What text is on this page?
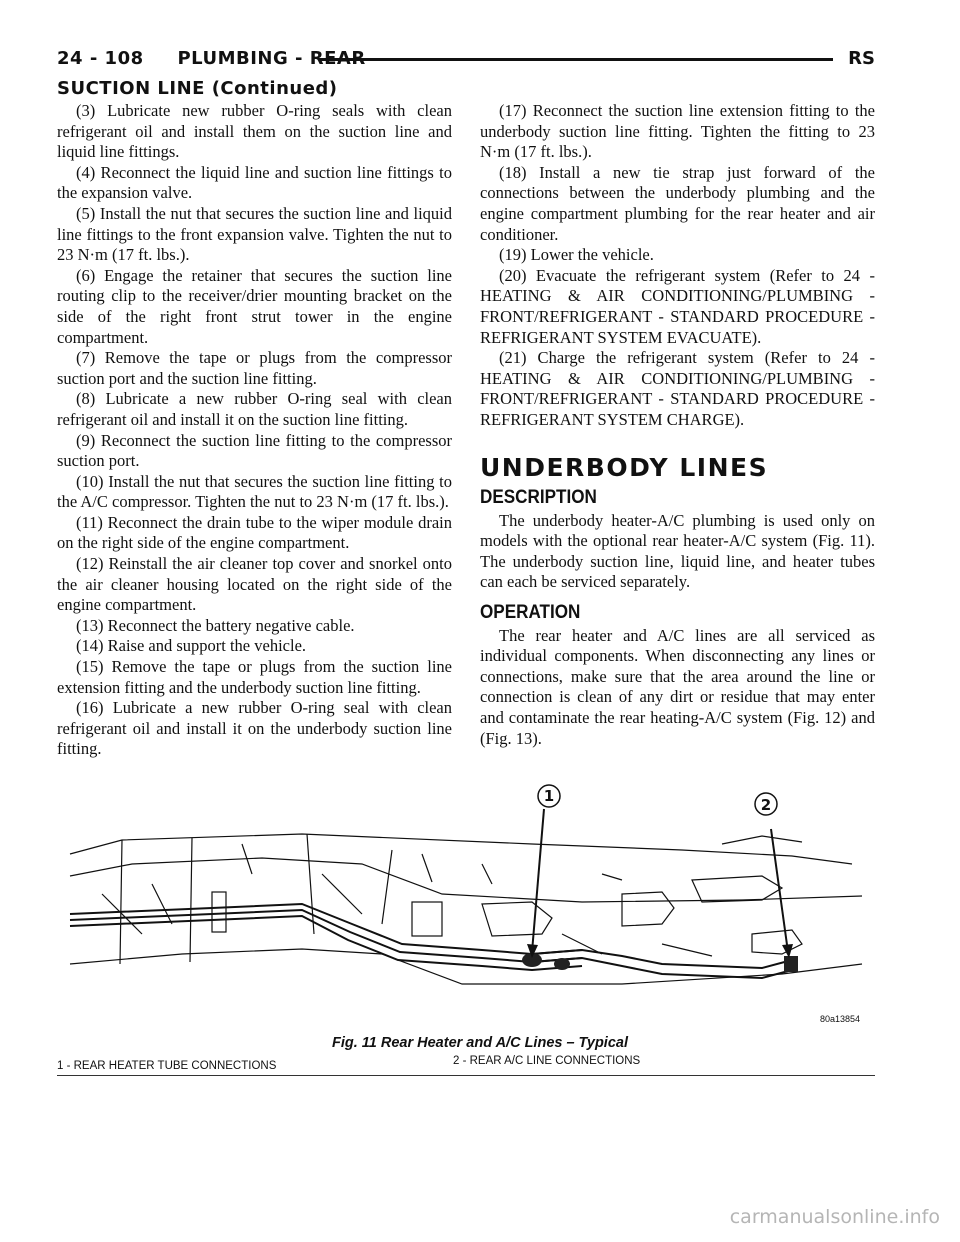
24 - 108     PLUMBING - REAR	RS
SUCTION LINE (Continued)

(3) Lubricate new rubber O-ring seals with clean refrigerant oil and install them on the suction line and liquid line fittings.

(4) Reconnect the liquid line and suction line fittings to the expansion valve.

(5) Install the nut that secures the suction line and liquid line fittings to the front expansion valve. Tighten the nut to 23 N·m (17 ft. lbs.).

(6) Engage the retainer that secures the suction line routing clip to the receiver/drier mounting bracket on the side of the right front strut tower in the engine compartment.

(7) Remove the tape or plugs from the compressor suction port and the suction line fitting.

(8) Lubricate a new rubber O-ring seal with clean refrigerant oil and install it on the suction line fitting.

(9) Reconnect the suction line fitting to the compressor suction port.

(10) Install the nut that secures the suction line fitting to the A/C compressor. Tighten the nut to 23 N·m (17 ft. lbs.).

(11) Reconnect the drain tube to the wiper module drain on the right side of the engine compartment.

(12) Reinstall the air cleaner top cover and snorkel onto the air cleaner housing located on the right side of the engine compartment.

(13) Reconnect the battery negative cable.

(14) Raise and support the vehicle.

(15) Remove the tape or plugs from the suction line extension fitting and the underbody suction line fitting.

(16) Lubricate a new rubber O-ring seal with clean refrigerant oil and install it on the underbody suction line fitting.

(17) Reconnect the suction line extension fitting to the underbody suction line fitting. Tighten the fitting to 23 N·m (17 ft. lbs.).

(18) Install a new tie strap just forward of the connections between the underbody plumbing and the engine compartment plumbing for the rear heater and air conditioner.

(19) Lower the vehicle.

(20) Evacuate the refrigerant system (Refer to 24 - HEATING & AIR CONDITIONING/PLUMBING - FRONT/REFRIGERANT - STANDARD PROCEDURE - REFRIGERANT SYSTEM EVACUATE).

(21) Charge the refrigerant system (Refer to 24 - HEATING & AIR CONDITIONING/PLUMBING - FRONT/REFRIGERANT - STANDARD PROCEDURE - REFRIGERANT SYSTEM CHARGE).

UNDERBODY LINES
DESCRIPTION

The underbody heater-A/C plumbing is used only on models with the optional rear heater-A/C system (Fig. 11). The underbody suction line, liquid line, and heater tubes can each be serviced separately.

OPERATION

The rear heater and A/C lines are all serviced as individual components. When disconnecting any lines or connections, make sure that the area around the line or connection is clean of any dirt or residue that may enter and contaminate the rear heating-A/C system (Fig. 12) and (Fig. 13).

1	2
80a13854
Fig. 11 Rear Heater and A/C Lines – Typical
1 - REAR HEATER TUBE CONNECTIONS	2 - REAR A/C LINE CONNECTIONS
carmanualsonline.info
